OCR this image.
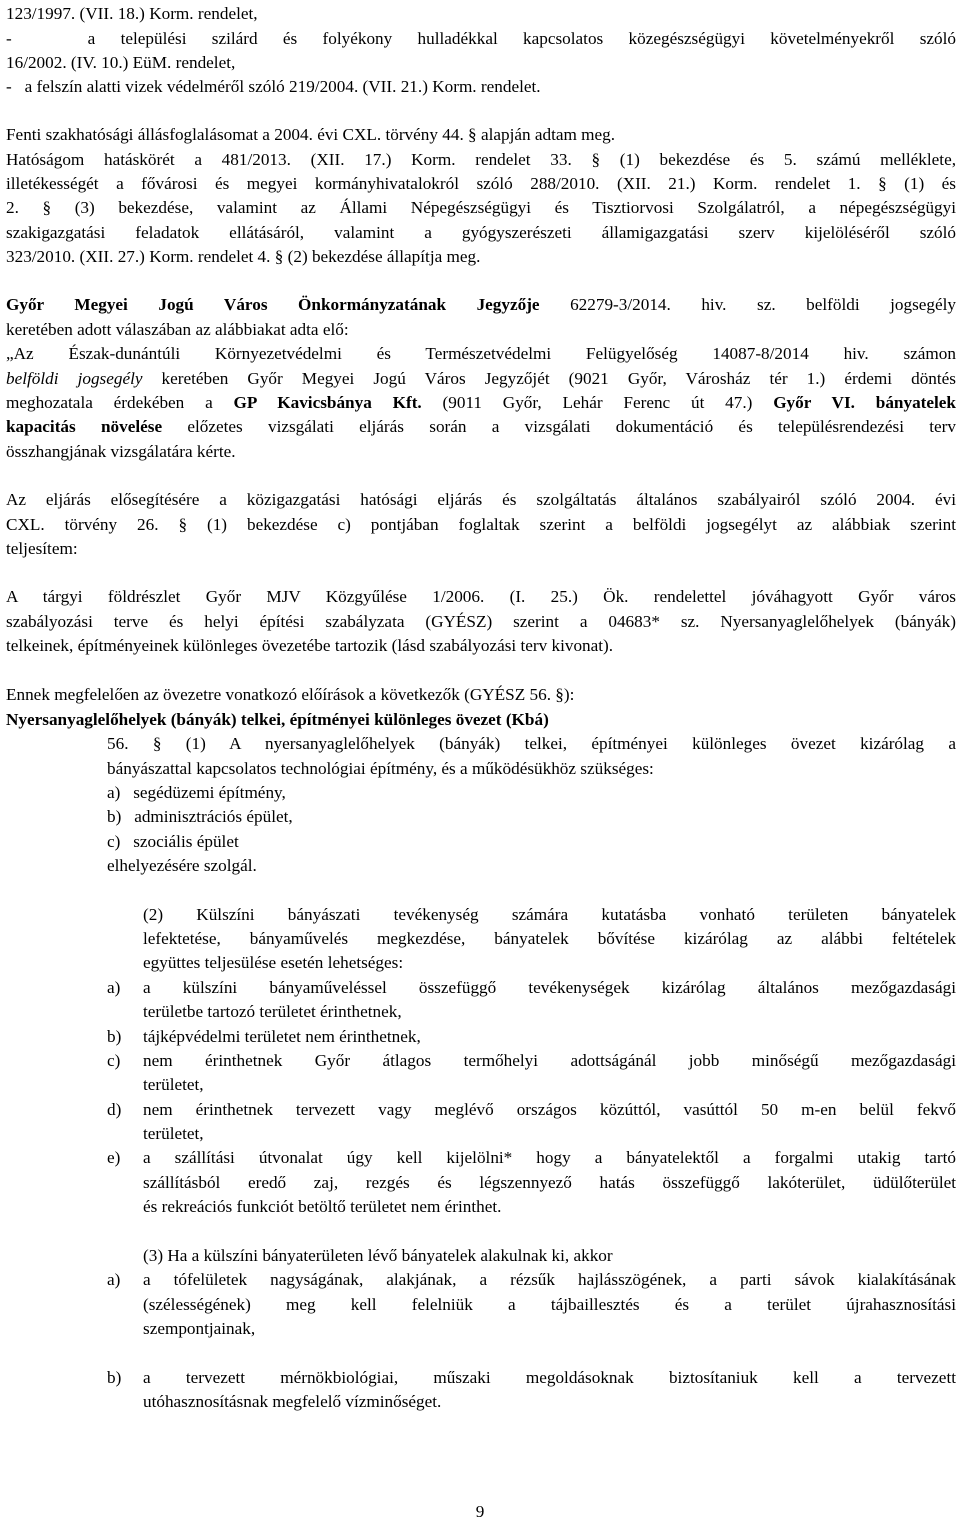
123/1997. (VII. 18.) Korm. rendelet,
-   a települési szilárd és folyékony hulladékkal kapcsolatos közegészségügyi követelményekről szóló
16/2002. (IV. 10.) EüM. rendelet,
-   a felszín alatti vizek védelméről szóló 219/2004. (VII. 21.) Korm. rendelet.
Fenti szakhatósági állásfoglalásomat a 2004. évi CXL. törvény 44. § alapján adtam meg.
Hatóságom hatáskörét a 481/2013. (XII. 17.) Korm. rendelet 33. § (1) bekezdése és 5. számú melléklete,
illetékességét a fővárosi és megyei kormányhivatalokról szóló 288/2010. (XII. 21.) Korm. rendelet 1. § (1) és
2. § (3) bekezdése, valamint az Állami Népegészségügyi és Tisztiorvosi Szolgálatról, a népegészségügyi
szakigazgatási feladatok ellátásáról, valamint a gyógyszerészeti államigazgatási szerv kijelöléséről szóló
323/2010. (XII. 27.) Korm. rendelet 4. § (2) bekezdése állapítja meg.
Győr Megyei Jogú Város Önkormányzatának Jegyzője 62279-3/2014. hiv. sz. belföldi jogsegély
keretében adott válaszában az alábbiakat adta elő:
„Az Észak-dunántúli Környezetvédelmi és Természetvédelmi Felügyelőség 14087-8/2014 hiv. számon
belföldi jogsegély keretében Győr Megyei Jogú Város Jegyzőjét (9021 Győr, Városház tér 1.) érdemi döntés
meghozatala érdekében a GP Kavicsbánya Kft. (9011 Győr, Lehár Ferenc út 47.) Győr VI. bányatelek
kapacitás növelése előzetes vizsgálati eljárás során a vizsgálati dokumentáció és településrendezési terv
összhangjának vizsgálatára kérte.
Az eljárás elősegítésére a közigazgatási hatósági eljárás és szolgáltatás általános szabályairól szóló 2004. évi
CXL. törvény 26. § (1) bekezdése c) pontjában foglaltak szerint a belföldi jogsegélyt az alábbiak szerint
teljesítem:
A tárgyi földrészlet Győr MJV Közgyűlése 1/2006. (I. 25.) Ök. rendelettel jóváhagyott Győr város
szabályozási terve és helyi építési szabályzata (GYÉSZ) szerint a 04683* sz. Nyersanyaglelőhelyek (bányák)
telkeinek, építményeinek különleges övezetébe tartozik (lásd szabályozási terv kivonat).
Ennek megfelelően az övezetre vonatkozó előírások a következők (GYÉSZ 56. §):
Nyersanyaglelőhelyek (bányák) telkei, építményei különleges övezet (Kbá)
56. § (1) A nyersanyaglelőhelyek (bányák) telkei, építményei különleges övezet kizárólag a
bányászattal kapcsolatos technológiai építmény, és a működésükhöz szükséges:
a)   segédüzemi építmény,
b)   adminisztrációs épület,
c)   szociális épület
elhelyezésére szolgál.
(2) Külszíni bányászati tevékenység számára kutatásba vonható területen bányatelek
lefektetése, bányaművelés megkezdése, bányatelek bővítése kizárólag az alábbi feltételek
együttes teljesülése esetén lehetséges:
a)	a külszíni bányaműveléssel összefüggő tevékenységek kizárólag általános mezőgazdasági
területbe tartozó területet érinthetnek,
b)	tájképvédelmi területet nem érinthetnek,
c)	nem érinthetnek Győr átlagos termőhelyi adottságánál jobb minőségű mezőgazdasági
területet,
d)	nem érinthetnek tervezett vagy meglévő országos közúttól, vasúttól 50 m-en belül fekvő
területet,
e)	a szállítási útvonalat úgy kell kijelölni* hogy a bányatelektől a forgalmi utakig tartó
szállításból eredő zaj, rezgés és légszennyező hatás összefüggő lakóterület, üdülőterület
és rekreációs funkciót betöltő területet nem érinthet.
(3) Ha a külszíni bányaterületen lévő bányatelek alakulnak ki, akkor
a)	a tófelületek nagyságának, alakjának, a rézsűk hajlásszögének, a parti sávok kialakításának
(szélességének) meg kell felelniük a tájbaillesztés és a terület újrahasznosítási
szempontjainak,
b)	a tervezett mérnökbiológiai, műszaki megoldásoknak biztosítaniuk kell a tervezett
utóhasznosításnak megfelelő vízminőséget.
9
